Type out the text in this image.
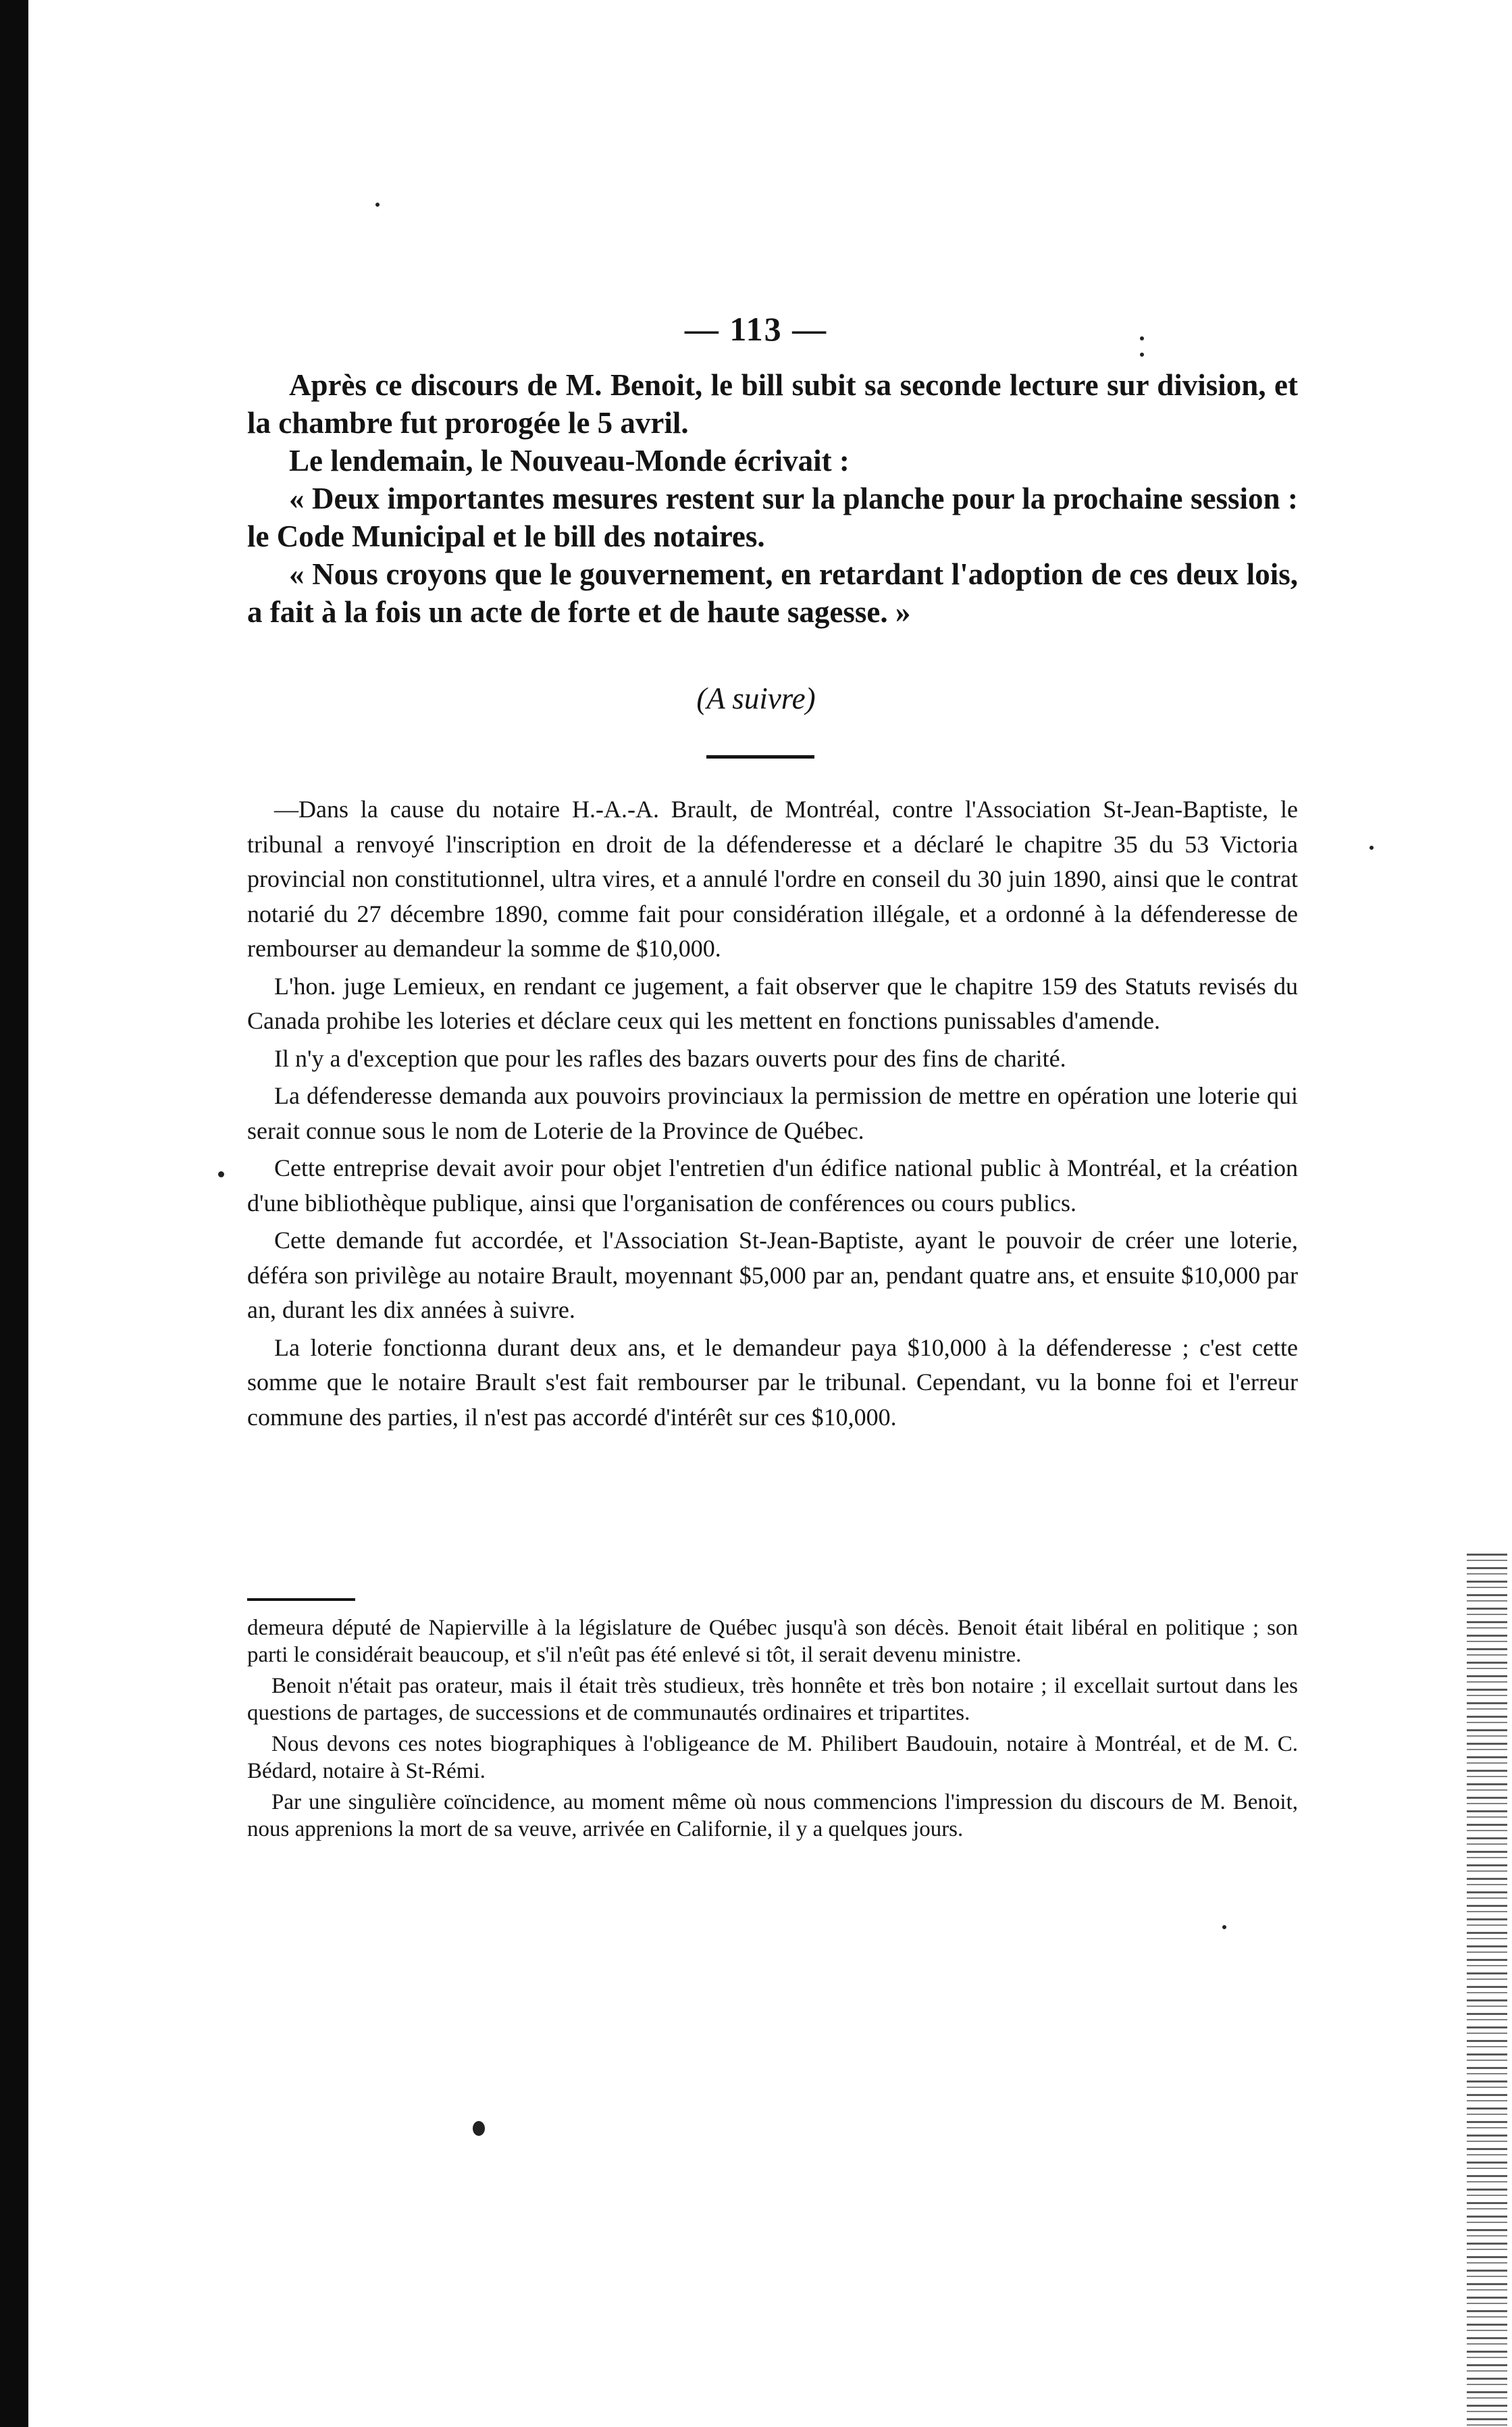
— 113 —

Après ce discours de M. Benoit, le bill subit sa seconde lecture sur division, et la chambre fut prorogée le 5 avril.

Le lendemain, le Nouveau-Monde écrivait :

« Deux importantes mesures restent sur la planche pour la prochaine session : le Code Municipal et le bill des notaires.

« Nous croyons que le gouvernement, en retardant l'adoption de ces deux lois, a fait à la fois un acte de forte et de haute sagesse. »

(A suivre)

—Dans la cause du notaire H.-A.-A. Brault, de Montréal, contre l'Association St-Jean-Baptiste, le tribunal a renvoyé l'inscription en droit de la défenderesse et a déclaré le chapitre 35 du 53 Victoria provincial non constitutionnel, ultra vires, et a annulé l'ordre en conseil du 30 juin 1890, ainsi que le contrat notarié du 27 décembre 1890, comme fait pour considération illégale, et a ordonné à la défenderesse de rembourser au demandeur la somme de $10,000.

L'hon. juge Lemieux, en rendant ce jugement, a fait observer que le chapitre 159 des Statuts revisés du Canada prohibe les loteries et déclare ceux qui les mettent en fonctions punissables d'amende.

Il n'y a d'exception que pour les rafles des bazars ouverts pour des fins de charité.

La défenderesse demanda aux pouvoirs provinciaux la permission de mettre en opération une loterie qui serait connue sous le nom de Loterie de la Province de Québec.

Cette entreprise devait avoir pour objet l'entretien d'un édifice national public à Montréal, et la création d'une bibliothèque publique, ainsi que l'organisation de conférences ou cours publics.

Cette demande fut accordée, et l'Association St-Jean-Baptiste, ayant le pouvoir de créer une loterie, déféra son privilège au notaire Brault, moyennant $5,000 par an, pendant quatre ans, et ensuite $10,000 par an, durant les dix années à suivre.

La loterie fonctionna durant deux ans, et le demandeur paya $10,000 à la défenderesse ; c'est cette somme que le notaire Brault s'est fait rembourser par le tribunal. Cependant, vu la bonne foi et l'erreur commune des parties, il n'est pas accordé d'intérêt sur ces $10,000.

demeura député de Napierville à la législature de Québec jusqu'à son décès. Benoit était libéral en politique ; son parti le considérait beaucoup, et s'il n'eût pas été enlevé si tôt, il serait devenu ministre.

Benoit n'était pas orateur, mais il était très studieux, très honnête et très bon notaire ; il excellait surtout dans les questions de partages, de successions et de communautés ordinaires et tripartites.

Nous devons ces notes biographiques à l'obligeance de M. Philibert Baudouin, notaire à Montréal, et de M. C. Bédard, notaire à St-Rémi.

Par une singulière coïncidence, au moment même où nous commencions l'impression du discours de M. Benoit, nous apprenions la mort de sa veuve, arrivée en Californie, il y a quelques jours.
